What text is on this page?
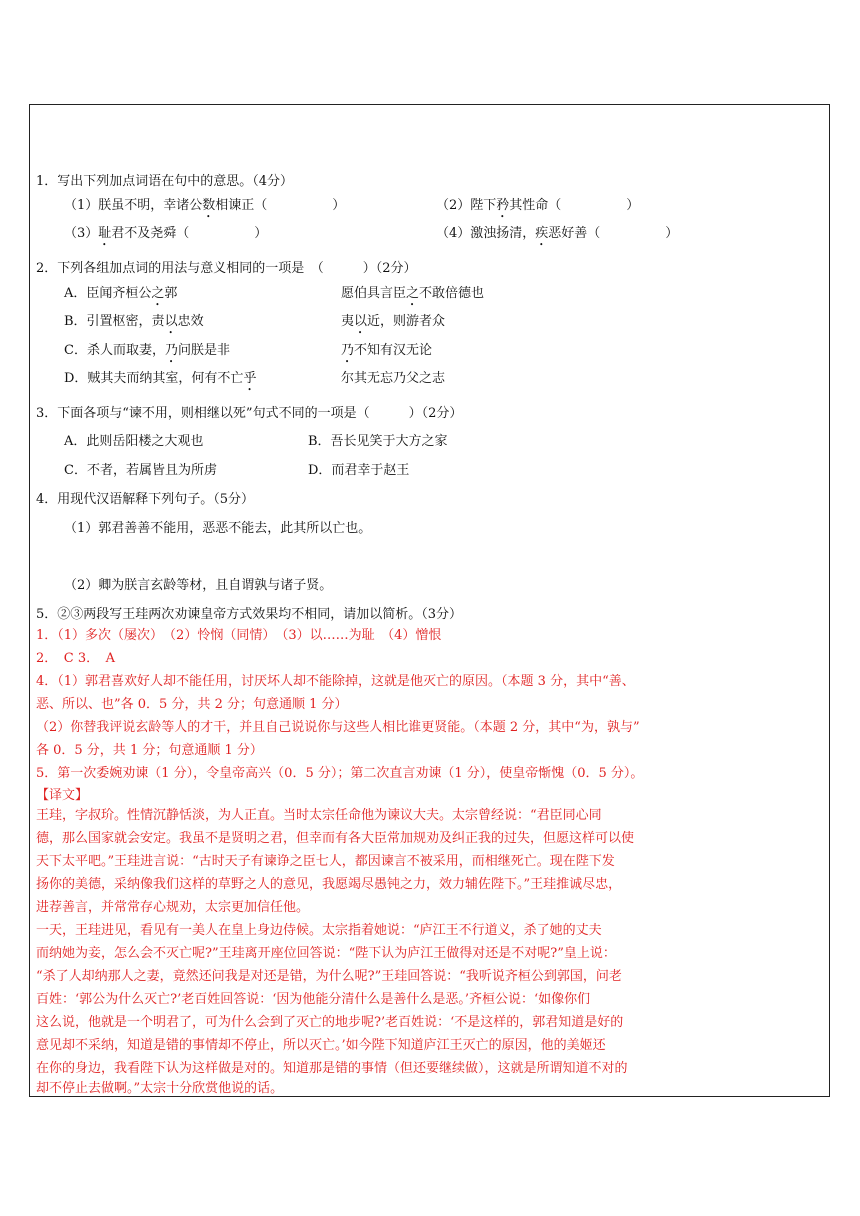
1．写出下列加点词语在句中的意思。（4分）
（1）朕虽不明，幸诸公数相谏正（　　　　　）	（2）陛下矜其性命（　　　　　）
（3）耻君不及尧舜（　　　　　）	（4）激浊扬清，疾恶好善（　　　　　）
2．下列各组加点词的用法与意义相同的一项是　（　　　）（2分）
A．臣闻齐桓公之郭	愿伯具言臣之不敢倍德也
B．引置枢密，责以忠效	夷以近，则游者众
C．杀人而取妻，乃问朕是非	乃不知有汉无论
D．贼其夫而纳其室，何有不亡乎	尔其无忘乃父之志
3．下面各项与“谏不用，则相继以死”句式不同的一项是（　　　）（2分）
A．此则岳阳楼之大观也	B．吾长见笑于大方之家
C．不者，若属皆且为所虏	D．而君幸于赵王
4．用现代汉语解释下列句子。（5分）
（1）郭君善善不能用，恶恶不能去，此其所以亡也。
（2）卿为朕言玄龄等材，且自谓孰与诸子贤。
5．②③两段写王珪两次劝谏皇帝方式效果均不相同，请加以简析。（3分）
1．（1）多次（屡次）　（2）怜悯（同情）　（3）以……为耻　（4）憎恨
2．　C 3．　A
4．（1）郭君喜欢好人却不能任用，讨厌坏人却不能除掉，这就是他灭亡的原因。（本题 3 分，其中“善、
恶、所以、也”各 0．5 分，共 2 分；句意通顺 1 分）
（2）你替我评说玄龄等人的才干，并且自己说说你与这些人相比谁更贤能。（本题 2 分，其中“为，孰与”
各 0．5 分，共 1 分；句意通顺 1 分）
5．第一次委婉劝谏（1 分），令皇帝高兴（0．5 分）；第二次直言劝谏（1 分），使皇帝惭愧（0．5 分）。
【译文】
王珪，字叔玠。性情沉静恬淡，为人正直。当时太宗任命他为谏议大夫。太宗曾经说：“君臣同心同
德，那么国家就会安定。我虽不是贤明之君，但幸而有各大臣常加规劝及纠正我的过失，但愿这样可以使
天下太平吧。”王珪进言说：“古时天子有谏诤之臣七人，都因谏言不被采用，而相继死亡。现在陛下发
扬你的美德，采纳像我们这样的草野之人的意见，我愿竭尽愚钝之力，效力辅佐陛下。”王珪推诚尽忠，
进荐善言，并常常存心规劝，太宗更加信任他。
一天，王珪进见，看见有一美人在皇上身边侍候。太宗指着她说：“庐江王不行道义，杀了她的丈夫
而纳她为妾，怎么会不灭亡呢?”王珪离开座位回答说：“陛下认为庐江王做得对还是不对呢?”皇上说：
“杀了人却纳那人之妻，竟然还问我是对还是错，为什么呢?”王珪回答说：“我听说齐桓公到郭国，问老
百姓：‘郭公为什么灭亡?’老百姓回答说：‘因为他能分清什么是善什么是恶。’齐桓公说：‘如像你们
这么说，他就是一个明君了，可为什么会到了灭亡的地步呢?’老百姓说：‘不是这样的，郭君知道是好的
意见却不采纳，知道是错的事情却不停止，所以灭亡。’如今陛下知道庐江王灭亡的原因，他的美姬还
在你的身边，我看陛下认为这样做是对的。知道那是错的事情（但还要继续做），这就是所谓知道不对的
却不停止去做啊。”太宗十分欣赏他说的话。
